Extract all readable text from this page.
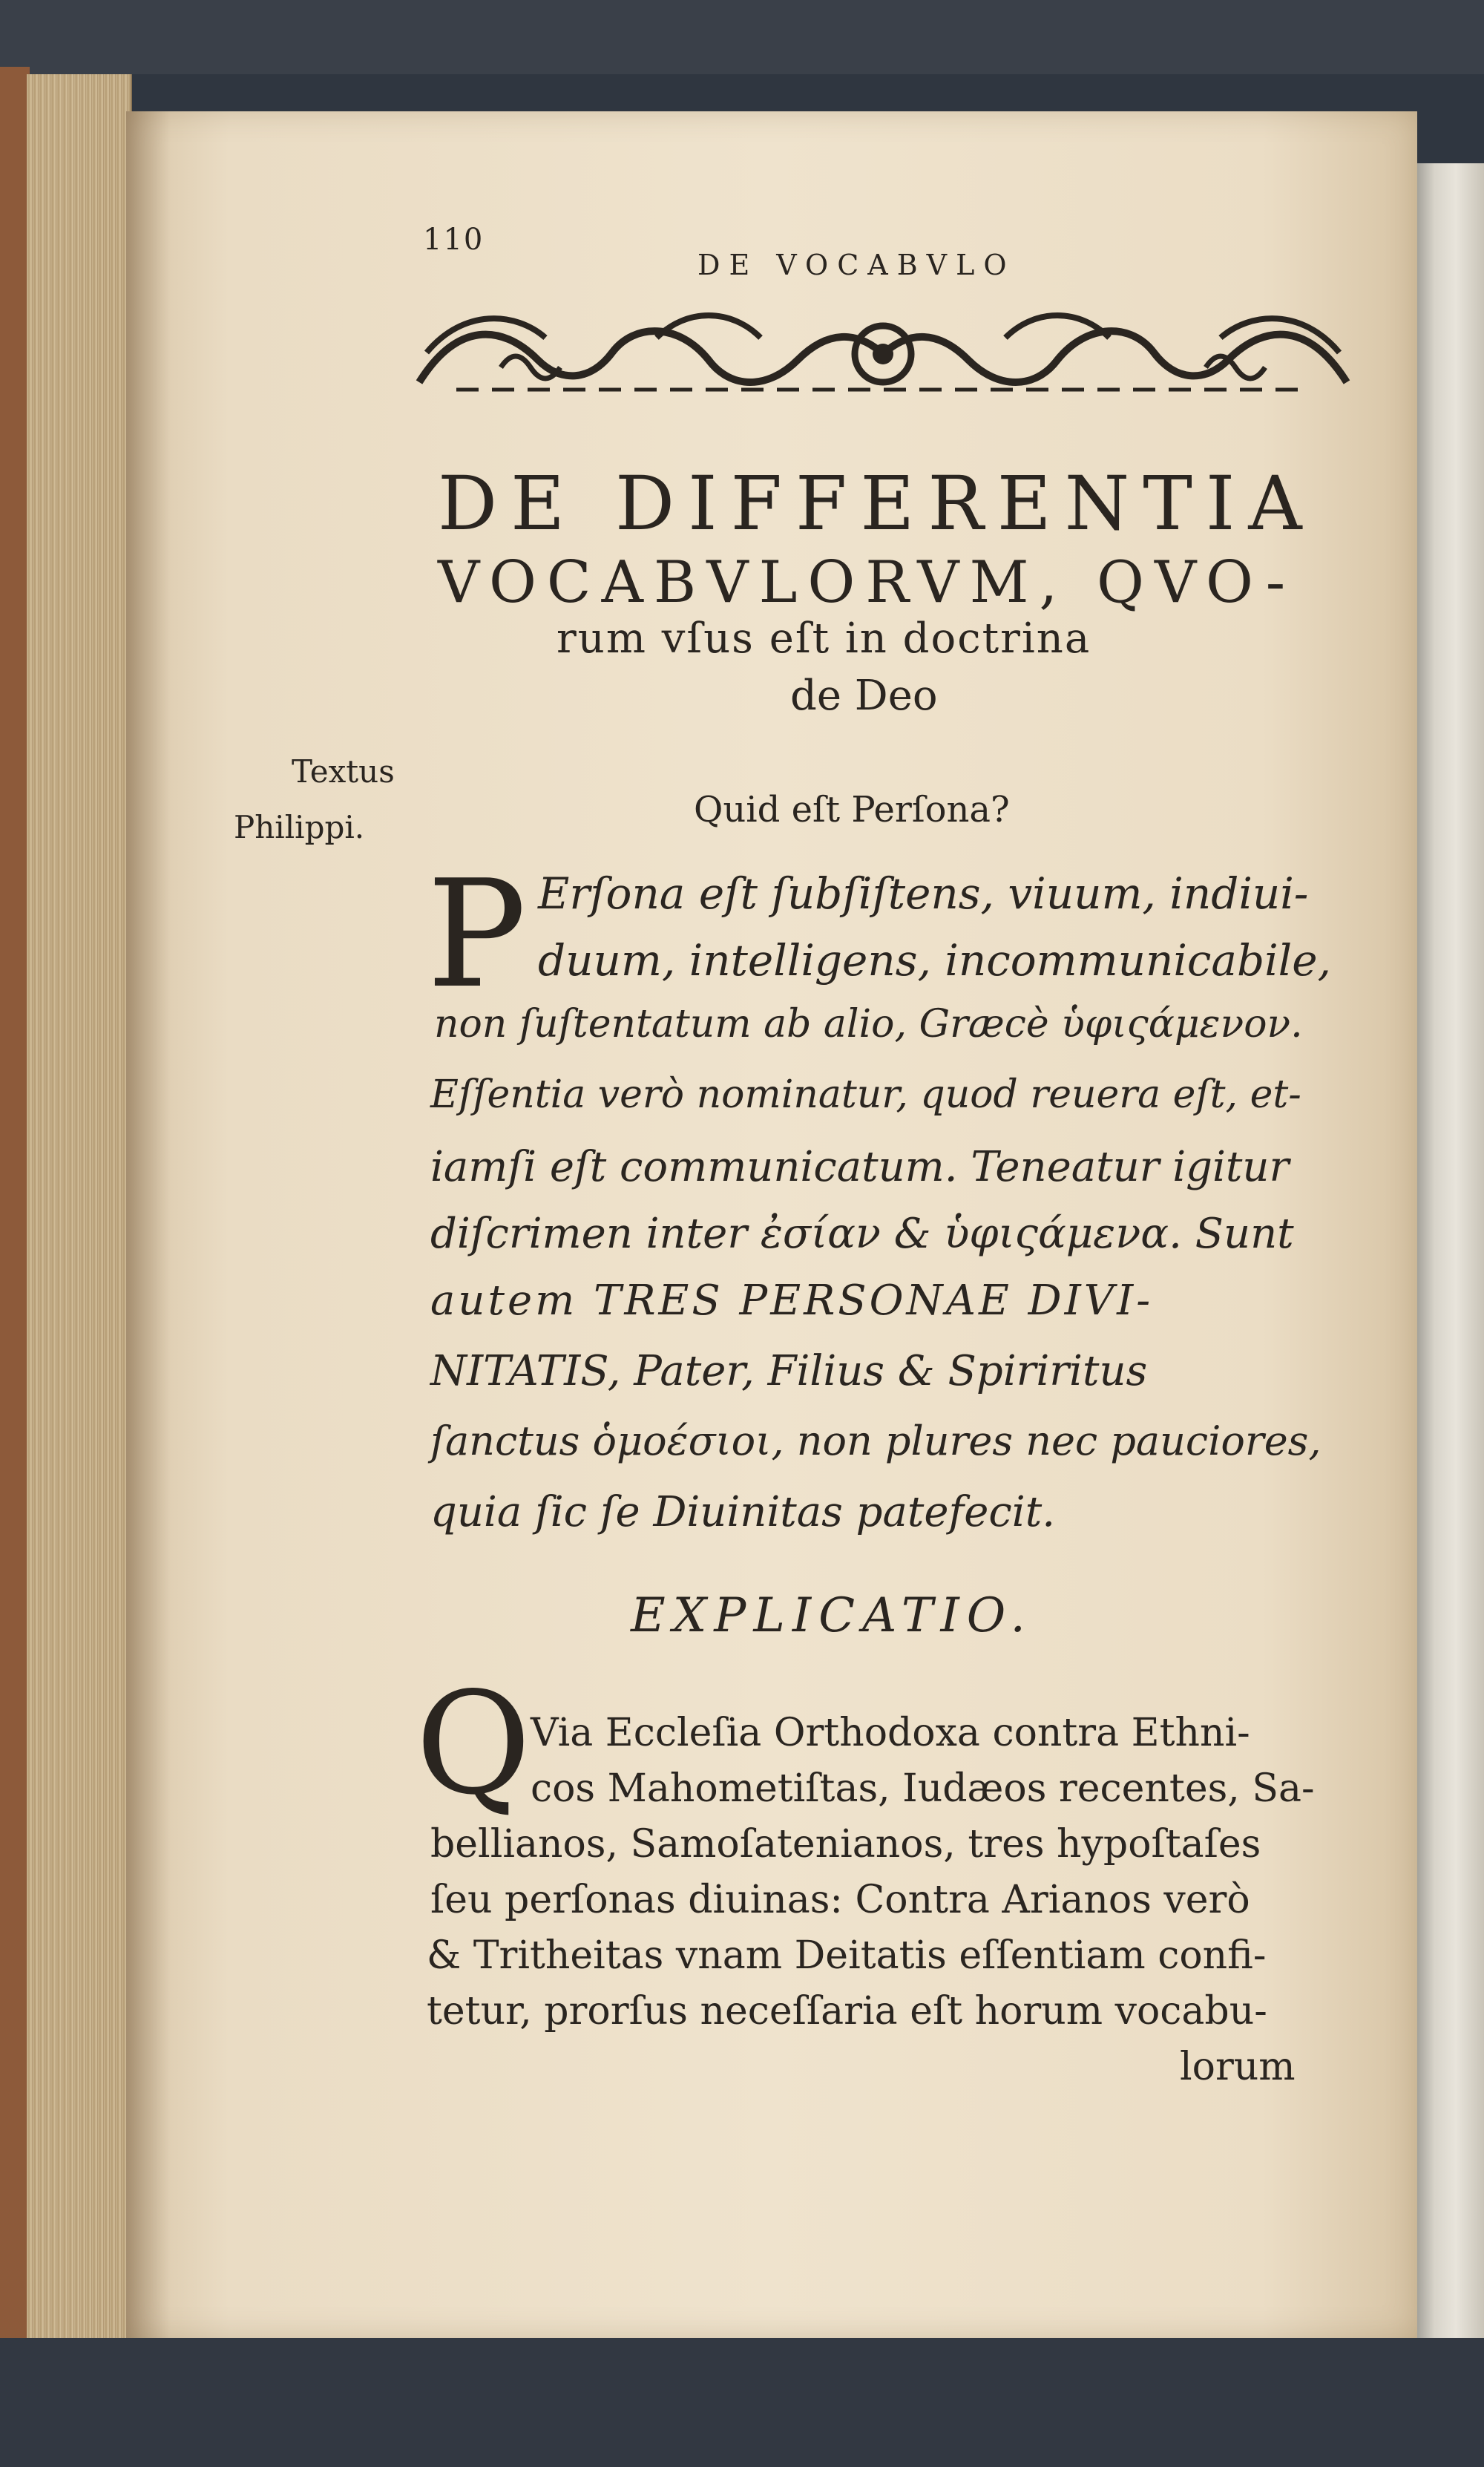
110
DE VOCABVLO
DE DIFFERENTIA
VOCABVLORVM, QVO-
rum vſus eſt in doctrina
de Deo
Textus
Philippi.	Quid eſt Perſona?
P Erſona eſt ſubſiſtens, viuum, indiui-
duum, intelligens, incommunicabile,
non ſuſtentatum ab alio, Græcè ὑφιςάμενον.
Eſſentia verò nominatur, quod reuera eſt, et-
iamſi eſt communicatum. Teneatur igitur
diſcrimen inter ἐσίαν & ὑφιςάμενα. Sunt
autem TRES PERSONAE DIVI-
NITATIS, Pater, Filius & Spiriritus
ſanctus ὁμοέσιοι, non plures nec pauciores,
quia ſic ſe Diuinitas patefecit.
EXPLICATIO.
Q Via Eccleſia Orthodoxa contra Ethni-
cos Mahometiſtas, Iudæos recentes, Sa-
bellianos, Samoſatenianos, tres hypoſtaſes
ſeu perſonas diuinas: Contra Arianos verò
& Tritheitas vnam Deitatis eſſentiam confi-
tetur, prorſus neceſſaria eſt horum vocabu-
lorum
